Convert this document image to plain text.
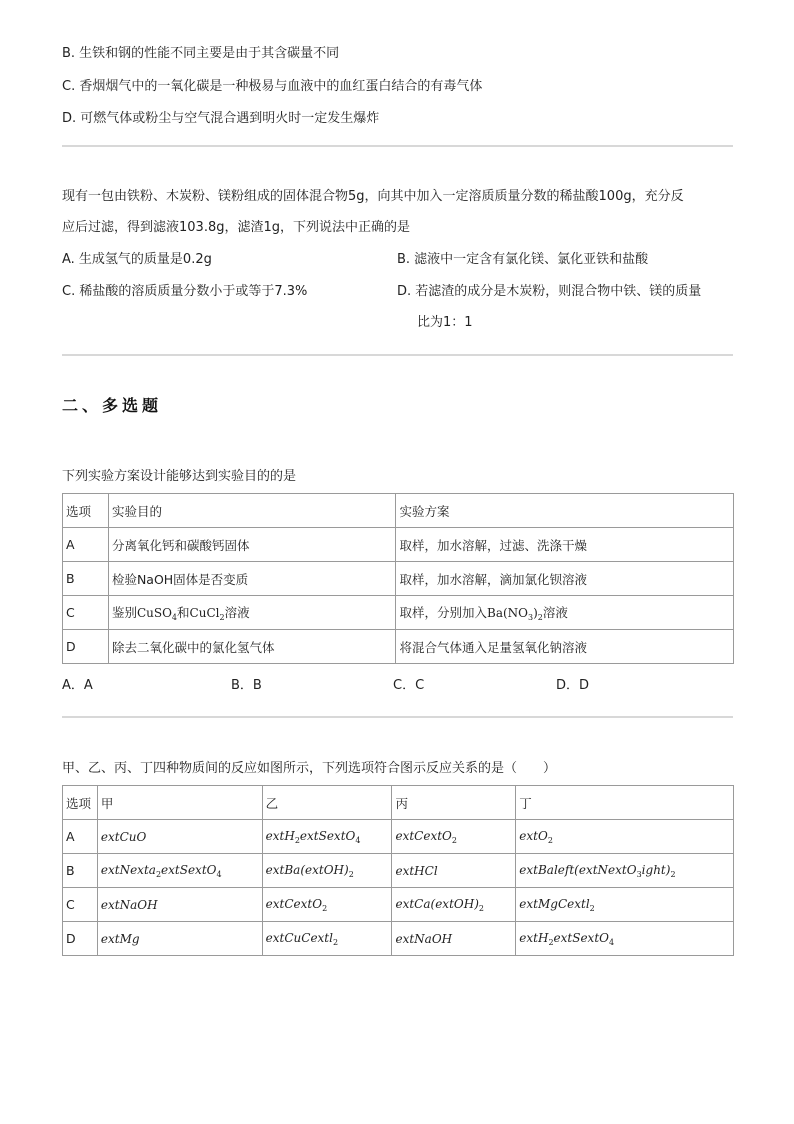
B. 生铁和钢的性能不同主要是由于其含碳量不同
C. 香烟烟气中的一氧化碳是一种极易与血液中的血红蛋白结合的有毒气体
D. 可燃气体或粉尘与空气混合遇到明火时一定发生爆炸
现有一包由铁粉、木炭粉、镁粉组成的固体混合物5g，向其中加入一定溶质质量分数的稀盐酸100g，充分反
应后过滤，得到滤液103.8g，滤渣1g，下列说法中正确的是
A. 生成氢气的质量是0.2g	B. 滤液中一定含有氯化镁、氯化亚铁和盐酸
C. 稀盐酸的溶质质量分数小于或等于7.3%	D. 若滤渣的成分是木炭粉，则混合物中铁、镁的质量
比为1：1
二、多选题
下列实验方案设计能够达到实验目的的是
选项	实验目的	实验方案
A	分离氧化钙和碳酸钙固体	取样，加水溶解，过滤、洗涤干燥
B	检验NaOH固体是否变质	取样，加水溶解，滴加氯化钡溶液
C	鉴别CuSO$_4$和CuCl$_2$溶液	取样，分别加入$Ba(NO_3)_2$溶液
D	除去二氧化碳中的氯化氢气体	将混合气体通入足量氢氧化钠溶液
A．A	B．B	C．C	D．D
甲、乙、丙、丁四种物质间的反应如图所示，下列选项符合图示反应关系的是（　　）
选项	甲	乙	丙	丁
A	extCuO	extH$_2$extSextO$_4$	extCextO$_2$	extO$_2$
B	extNexta$_2$extSextO$_4$	$extBa(extOH)_2$	extHCl	$extBaleft(extNextO_3ight)_2$
C	extNaOH	extCextO$_2$	$extCa(extOH)_2$	extMgCextl$_2$
D	extMg	extCuCextl$_2$	extNaOH	extH$_2$extSextO$_4$
